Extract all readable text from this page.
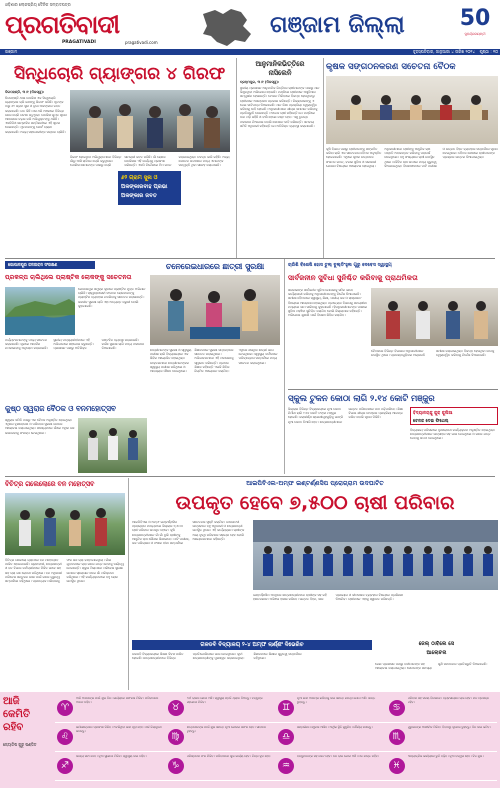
ଓଡ଼ିଶାର ଲୋକପ୍ରିୟ ଦୈନିକ ସମ୍ବାଦପତ୍ର
ପ୍ରଗତିବାଦୀ
PRAGATIVADI	pragativadi.com
ଗଞ୍ଜାମ ଜିଲ୍ଲା	50
ସୁବର୍ଣ୍ଣଜୟନ୍ତୀ
ଗଞ୍ଜାମ	ବୃହସ୍ପତିବାର, ଜାନୁଆରୀ ୪ ତାରିଖ ୨୦୨୪	ପୃଷ୍ଠା : ୧୦
ସିନ୍ଧିଚୋରି ଗ୍ୟାଙ୍ଗର ୪ ଗିରଫ
ଦିଗପହଣ୍ଡି, ୩।୧ (ନିଜସ୍ୱ):
ଦିଗପହଣ୍ଡି ଥାନା ପୋଲିସ ଏକ ସିନ୍ଧିଚୋରି ଗ୍ୟାଙ୍ଗର ଚାରି ଜଣଙ୍କୁ ଗିରଫ କରିଛି। ଧୃତଙ୍କ ଠାରୁ ୬୨ ଗ୍ରାମ ସୁନା ଓ ରୂପା ଅଳଙ୍କାର ଜବତ କରାଯାଇଛି। ଗତ କିଛି ମାସ ଧରି ଅଞ୍ଚଳରେ ବିଭିନ୍ନ ଘରେ ଚୋରି ଘଟଣା ଘଟୁଥିଲା। ପୋଲିସ ଗୁପ୍ତ ସୂଚନା ଆଧାରରେ ଚଢ଼ଉ କରି ଅଭିଯୁକ୍ତଙ୍କୁ ଧରିଛି। ଏସଡିପିଓ ସାମ୍ବାଦିକ ସମ୍ମିଳନୀରେ ଏହି ସୂଚନା ଦେଇଛନ୍ତି। ଧୃତମାନଙ୍କୁ କୋର୍ଟ ଚାଲାଣ କରାଯାଇଛି। ଅନ୍ୟ ସହଯୋଗୀଙ୍କ ସନ୍ଧାନ ଚାଲିଛି।
ଗିରଫ ହୋଇଥିବା ଅଭିଯୁକ୍ତମାନେ ବିଭିନ୍ନ ଗାଁରୁ ଆସି ରାତିରେ ଚୋରି କରୁଥିଲେ। ପୋଲିସ ସେମାନଙ୍କ ପାଖରୁ ଚୋରି ସାମଗ୍ରୀ ଜବତ କରିଛି। ଗାଁ ଲୋକେ ପୋଲିସର ଏହି କାର୍ଯ୍ୟକୁ ପ୍ରଶଂସା କରିଛନ୍ତି। ଏସପି ନିର୍ଦ୍ଦେଶରେ ଟିମ ଗଠନ କରାଯାଇଥିଲା। ତଦନ୍ତ ଜାରି ରହିଛି। ଅନ୍ୟ କେତେକ ଘଟଣାରେ ମଧ୍ୟ ଏମାନଙ୍କ ସମ୍ପୃକ୍ତି ଥିବା ସନ୍ଦେହ କରାଯାଉଛି।
୬୨ ଗ୍ରାମ ସୁନା ଓ
ଅଳଙ୍କାରବାହ ପ୍ରଭା
ଅଳଙ୍କାର ଜବତ
ଆନୁମାନିକଭିତ୍ତିରେ
ନାସିଲେନି
ବ୍ରହ୍ମପୁର, ୩।୧ (ନିଜସ୍ୱ):
ସ୍ଥାନୀୟ ପ୍ରଶାସନ ଆନୁମାନିକ ଭିତ୍ତିରେ ଚାଷୀମାନଙ୍କ ପାଖରୁ ଧାନ କିଣୁନଥିବା ଅଭିଯୋଗ ହୋଇଛି। ମଣ୍ଡିରେ ଚାଷୀମାନେ ଅସୁବିଧାର ସମ୍ମୁଖୀନ ହେଉଛନ୍ତି। ଟୋକନ ମିଳିବାରେ ବିଳମ୍ବ ହେଉଥିବାରୁ ଚାଷୀମାନେ ଅସନ୍ତୋଷ ପ୍ରକାଶ କରିଛନ୍ତି। ଜିଲ୍ଲାପାଳଙ୍କୁ ଏ ନେଇ ଦାବିପତ୍ର ଦିଆଯାଇଛି। ଧାନ କିଣା ପ୍ରକ୍ରିୟା ତ୍ୱରାନ୍ୱିତ କରିବାକୁ ଦାବି ହୋଇଛି। ଅଧିକାରୀମାନେ ଶୀଘ୍ର ସମାଧାନ କରିବାକୁ ପ୍ରତିଶ୍ରୁତି ଦେଇଛନ୍ତି। ଅନେକ ଚାଷୀ କହିଛନ୍ତି ଯେ ମଣ୍ଡିରେ ଧାନ ପଡ଼ି ରହିଛି ଓ ବର୍ଷା ହେଲେ ନଷ୍ଟ ହେବ। ଏଣୁ ତୁରନ୍ତ ପଦକ୍ଷେପ ନିଆଯାଉ ବୋଲି ସେମାନେ ଦାବି କରିଛନ୍ତି। ସମବାୟ ସମିତି ଅଧିକାରୀ କହିଛନ୍ତି ଯେ ଅତିରିକ୍ତ ବ୍ୟବସ୍ଥା କରାଯାଉଛି।
କୃଷକ ସଙ୍ଗଠନକରଣ ସଚେତନା ବୈଠକ
କୃଷି ବିଭାଗ ପକ୍ଷରୁ ଚାଷୀମାନଙ୍କୁ ସଙ୍ଗଠିତ କରିବା ଲାଗି ଏକ ସଚେତନତା ବୈଠକ ଅନୁଷ୍ଠିତ ହୋଇଯାଇଛି। ଏଥିରେ କୃଷକ ଉତ୍ପାଦକ ସଂଗଠନ ଗଠନ, ବଜାର ସୁବିଧା ଓ ସରକାରୀ ଯୋଜନା ବିଷୟରେ ଆଲୋଚନା ହୋଇଥିଲା। ଅଧିକାରୀମାନେ ଚାଷୀଙ୍କୁ ଆଧୁନିକ ଚାଷ ପଦ୍ଧତି ଅବଲମ୍ବନ କରିବାକୁ ପରାମର୍ଶ ଦେଇଥିଲେ। ବହୁ ସଂଖ୍ୟାରେ ଚାଷୀ ଉପସ୍ଥିତ ଥିଲେ। ଜୈବିକ ଚାଷ ଉପରେ ମଧ୍ୟ ଗୁରୁତ୍ୱ ଦିଆଯାଇଥିଲା। ବିଶେଷଜ୍ଞମାନେ ମାଟି ପରୀକ୍ଷା ଓ ଉନ୍ନତ ବିହନ ବ୍ୟବହାର ସମ୍ପର୍କରେ ସୂଚନା ଦେଇଥିଲେ। ବୈଠକ ଶେଷରେ ଚାଷୀମାନଙ୍କ ପ୍ରଶ୍ନର ଉତ୍ତର ଦିଆଯାଇଥିଲା।
ଚନେରେଇଧାରରେ ଛାତ୍ରୀ ସୁରକ୍ଷା
ଛାତ୍ରୀମାନଙ୍କ ସୁରକ୍ଷା ଓ ସ୍ୱାସ୍ଥ୍ୟ ପରୀକ୍ଷା ଲାଗି ବିଦ୍ୟାଳୟରେ ଏକ ଶିବିର ଆୟୋଜିତ ହୋଇଥିଲା। ଡାକ୍ତରମାନେ ଛାତ୍ରୀମାନଙ୍କର ସ୍ୱାସ୍ଥ୍ୟ ପରୀକ୍ଷା କରିଥିଲେ ଓ ଆବଶ୍ୟକ ଔଷଧ ଦେଇଥିଲେ। ଶିକ୍ଷକମାନେ ସୁରକ୍ଷା ସମ୍ବନ୍ଧରେ ସଚେତନ କରାଇଥିଲେ। ଅଭିଭାବକମାନେ ଏହି ପଦକ୍ଷେପକୁ ସ୍ୱାଗତ କରିଛନ୍ତି। ପ୍ରଧାନ ଶିକ୍ଷକ କହିଛନ୍ତି ଏଭଳି ଶିବିର ନିୟମିତ ଆୟୋଜନ କରାଯିବ। ଏଥିରେ ଶତାଧିକ ଛାତ୍ରୀ ଭାଗ ନେଇଥିଲେ। ସ୍ୱାସ୍ଥ୍ୟ କର୍ମୀମାନେ ପରିଚ୍ଛନ୍ନତା ସମ୍ପର୍କରେ ମଧ୍ୟ ସଚେତନ କରାଇଥିଲେ।
ଗୋପାଳପୁର ଜଳଜୀବନ ସଂରକ୍ଷଣ
ପ୍ରକଳ୍ପ ଚାଲିଥିଲେ ପ୍ଲାଷ୍ଟିକ ଲୋକଙ୍କୁ ସଚେତନତା
ଗୋପାଳପୁର ସମୁଦ୍ର କୂଳରେ ପ୍ଲାଷ୍ଟିକ ମୁକ୍ତ ଅଭିଯାନ ଚାଲିଛି। ସ୍ୱେଚ୍ଛାସେବୀ ସଂଗଠନ ଲୋକମାନଙ୍କୁ ପ୍ଲାଷ୍ଟିକ ବ୍ୟବହାର ନକରିବାକୁ ସଚେତନ କରାଉଛନ୍ତି। ଜଳଜୀବ ସୁରକ୍ଷା ଲାଗି ଏହା ଅତ୍ୟନ୍ତ ଜରୁରୀ ବୋଲି କୁହାଯାଇଛି।
ପର୍ଯ୍ୟଟକମାନଙ୍କୁ ମଧ୍ୟ ସଚେତନ କରାଯାଉଛି। କୂଳରେ ଆବର୍ଜନା ନପକାଇବାକୁ ଅନୁରୋଧ କରାଯାଇଛି। ସ୍ଥାନୀୟ ମତ୍ସ୍ୟଜୀବୀମାନେ ଏହି ଅଭିଯାନରେ ସହଯୋଗ କରୁଛନ୍ତି। ପ୍ରଶାସନ ପକ୍ଷରୁ ଅତିରିକ୍ତ ଡଷ୍ଟବିନ ବ୍ୟବସ୍ଥା କରାଯାଇଛି। କଇଁଛ ସୁରକ୍ଷା ଲାଗି ମଧ୍ୟ ପଦକ୍ଷେପ ନିଆଯାଇଛି।
କୁଷ୍ଠ ସ୍ୱରାଜ ବୈଠକ ଓ ବନମହୋତ୍ସବ
ସ୍ୱରାଜ ସମିତି ପକ୍ଷରୁ ଏକ ବୈଠକ ଅନୁଷ୍ଠିତ ହୋଇଥିଲା। ଏଥିରେ ବୃକ୍ଷରୋପଣ ଓ ପରିବେଶ ସୁରକ୍ଷା ଉପରେ ଆଲୋଚନା କରାଯାଇଥିଲା। ସଦସ୍ୟମାନେ ଗାଁରେ ଅଧିକ ଗଛ ଲଗାଇବାକୁ ସଂକଳ୍ପ ନେଇଥିଲେ।
ଚାରିଶି ବିଶେଷି ହୋସ ଚୁଲ୍ ବୁଲ୍ଡିଂହୁଲ ଗୁରୁ ଦେବେସ ସ୍ୱାସ୍ଥ୍ୟ
ସାର୍ବଜନୀନ ସୁବିଧା ସୁନିଶ୍ଚିତ କରିବାକୁ ପ୍ରାଥମିକତା
ସରକାରଙ୍କ ସାର୍ବଜନୀନ ସୁବିଧା ଯୋଜନାକୁ ସଠିକ ଭାବେ କାର୍ଯ୍ୟକାରୀ କରିବାକୁ ଅଧିକାରୀମାନଙ୍କୁ ନିର୍ଦ୍ଦେଶ ଦିଆଯାଇଛି। ସମୀକ୍ଷା ବୈଠକରେ ସ୍ୱାସ୍ଥ୍ୟ, ଶିକ୍ଷା, ପାନୀୟ ଜଳ ଓ ରାସ୍ତାଘାଟ ବିଷୟରେ ଆଲୋଚନା ହୋଇଥିଲା। ପ୍ରତ୍ୟେକ ବିଭାଗକୁ ସମୟସୀମା ମଧ୍ୟରେ କାମ ସାରିବାକୁ କୁହାଯାଇଛି। ହିତାଧିକାରୀମାନଙ୍କ ପାଖରେ ସୁବିଧା ପହଞ୍ଚିବା ସୁନିଶ୍ଚିତ କରାଯିବ ବୋଲି ଜିଲ୍ଲାପାଳ କହିଛନ୍ତି। ଅଭିଯୋଗ ଶୁଣାଣି ପାଇଁ ବିଶେଷ ଶିବିର କରାଯିବ।
ବୈଠକରେ ବିଭିନ୍ନ ବିଭାଗର ଅଧିକାରୀମାନେ ଉପସ୍ଥିତ ଥିଲେ। ପ୍ରକଳ୍ପଗୁଡ଼ିକର ଅଗ୍ରଗତି ସମୀକ୍ଷା କରାଯାଇଥିଲା। ବିଳମ୍ବ ହେଉଥିବା କାମକୁ ତ୍ୱରାନ୍ୱିତ କରିବାକୁ ନିର୍ଦ୍ଦେଶ ଦିଆଯାଇଛି।
ସ୍କୁଲ ଟୁକନ କୋଠା ଲାଗି ୨.୧୪ କୋଟି ମଞ୍ଜୁର
ବିଦ୍ୟାଳୟକୁ କୁକ୍ କୁଲିଆ
ଚେଳକ ଦେଇ ଫିଥେଲ୍
ଜିଲ୍ଲାର ବିଭିନ୍ନ ବିଦ୍ୟାଳୟରେ ନୂଆ କୋଠା ନିର୍ମାଣ ଲାଗି ୨.୧୪ କୋଟି ଟଙ୍କା ମଞ୍ଜୁର ହୋଇଛି। ଜରାଜୀର୍ଣ୍ଣ ଶ୍ରେଣୀଗୃହଗୁଡ଼ିକୁ ଭାଙ୍ଗି ନୂଆ କୋଠା ତିଆରି ହେବ। ଛାତ୍ରଛାତ୍ରୀମାନେ ଉନ୍ନତ ପରିବେଶରେ ପାଠ ପଢ଼ିପାରିବେ। ଶିକ୍ଷା ବିଭାଗ ଶୀଘ୍ର ଟେଣ୍ଡର ପ୍ରକ୍ରିୟା ଆରମ୍ଭ କରିବ ବୋଲି ସୂଚନା ମିଳିଛି।
ବିଦ୍ୟାଳୟ ପରିସରରେ ବୃକ୍ଷରୋପଣ କାର୍ଯ୍ୟକ୍ରମ ଅନୁଷ୍ଠିତ ହୋଇଥିଲା। ଛାତ୍ରଛାତ୍ରୀମାନେ ଉତ୍ସାହର ସହ ଭାଗ ନେଇଥିଲେ ଓ ଗଛର ଯତ୍ନ ନେବାକୁ ଶପଥ ନେଇଥିଲେ।
ବିଚିତ୍ର ଗଲେଲୋରେ ବନ ମହୋତ୍ସବ
ବିଚିତ୍ର ଗଲେଲୋ ଗ୍ରାମରେ ବନ ମହୋତ୍ସବ ପାଳିତ ହୋଇଯାଇଛି। ଗ୍ରାମବାସୀ, ଛାତ୍ରଛାତ୍ରୀ ଓ ବନ ବିଭାଗ କର୍ମଚାରୀମାନେ ମିଳିତ ଭାବେ ଶହ ଶହ ଚାରା ଗଛ ରୋପଣ କରିଥିଲେ। ବନ ଅଧିକାରୀ ପରିବେଶ ସନ୍ତୁଳନ ରକ୍ଷା ପାଇଁ ଗଛର ଗୁରୁତ୍ୱ ସମ୍ପର୍କରେ କହିଥିଲେ। ପ୍ରତ୍ୟେକ ପରିବାରକୁ ଫଳ ଗଛ ଚାରା ବଣ୍ଟାଯାଇଥିଲା। ଗାଁର ଯୁବକମାନେ ଚାରା ଗଛର ଯତ୍ନ ନେବାକୁ ଦାୟିତ୍ୱ ନେଇଛନ୍ତି। ସ୍କୁଲ ପିଲାମାନେ ପରିବେଶ ସୁରକ୍ଷା ଉପରେ ସ୍ଲୋଗାନ ଦେଇ ଗାଁ ପରିକ୍ରମା କରିଥିଲେ। ଏହି କାର୍ଯ୍ୟକ୍ରମରେ ବହୁ ଲୋକ ଉପସ୍ଥିତ ଥିଲେ।
ଆଇପିବିଏଲ-ଅମ୍ଫ ଇଣ୍ଟର୍ଣ୍ଣସିପ ପ୍ରୋଗ୍ରାମ ଉଦଘାଟିତ
ଉପକୃତ ହେବେ ୭,୫୦୦ ଚାଷୀ ପରିବାର
ଆଇପିବିଏଲ ଓ ଅମ୍ଫ ଇଣ୍ଟର୍ଣ୍ଣସିପ ପ୍ରୋଗ୍ରାମ ମାଧ୍ୟମରେ ଜିଲ୍ଲାର ୭,୫୦୦ ଚାଷୀ ପରିବାର ଉପକୃତ ହେବେ। କୃଷି ଛାତ୍ରଛାତ୍ରୀମାନେ ଗାଁ ଗାଁ ବୁଲି ଚାଷୀଙ୍କୁ ଆଧୁନିକ ଚାଷ କୌଶଳ ଶିଖାଇବେ। ମାଟି ପରୀକ୍ଷା, ଜଳ ପରିଚାଳନା ଓ ଫସଲ ବୀମା ସମ୍ପର୍କରେ ସଚେତନତା ସୃଷ୍ଟି କରାଯିବ। ଉଦଘାଟନୀ ଉତ୍ସବରେ ବହୁ ଅଧିକାରୀ ଓ ଛାତ୍ରଛାତ୍ରୀ ଉପସ୍ଥିତ ଥିଲେ। ଏହି କାର୍ଯ୍ୟକ୍ରମ ଚାଷୀଙ୍କ ଆୟ ବୃଦ୍ଧି କରିବାରେ ସହାୟକ ହେବ ବୋଲି ଆୟୋଜକମାନେ କହିଛନ୍ତି।
ଇଣ୍ଟର୍ଣ୍ଣସିପ ଅବଧିରେ ଛାତ୍ରଛାତ୍ରୀମାନେ ଚାଷୀଙ୍କ ସହ ରହି ହାତେକଲମେ ଅଭିଜ୍ଞତା ହାସଲ କରିବେ। ଉନ୍ନତ ବିହନ, ସାର ପ୍ରୟୋଗ ଓ କୀଟନାଶକ ବ୍ୟବହାର ବିଷୟରେ ପ୍ରଶିକ୍ଷଣ ଦିଆଯିବ। ଚାଷୀମାନେ ଏହାକୁ ସ୍ୱାଗତ କରିଛନ୍ତି।
ଗଳଡବି ବିଦ୍ୟାଳୟ ୨-୪ ଅମ୍ଫ ଲାର୍ଣ୍ଣଂ ଦିଭେରିଚ
ଗଳଡବି ବିଦ୍ୟାଳୟରେ ଶିକ୍ଷଣ ଦିବସ ପାଳିତ ହୋଇଛି। ଛାତ୍ରଛାତ୍ରୀମାନେ ବିଭିନ୍ନ ପ୍ରତିଯୋଗିତାରେ ଭାଗ ନେଇଥିଲେ। କୃତୀ ଛାତ୍ରଛାତ୍ରୀଙ୍କୁ ପୁରସ୍କୃତ କରାଯାଇଥିଲା। ଶିକ୍ଷକମାନେ ଶିକ୍ଷାର ଗୁରୁତ୍ୱ ସମ୍ପର୍କରେ କହିଥିଲେ।
ଜେଲ୍ ଠାବିଲେ ସେ
ଆଲୋଚନା
ଜେଲ ପ୍ରଶାସନ ପକ୍ଷରୁ ବନ୍ଦୀମାନଙ୍କ ସହ ଆଲୋଚନା କରାଯାଇଥିଲା। ସେମାନଙ୍କ ସମସ୍ୟା ଶୁଣି ସମାଧାନର ପ୍ରତିଶ୍ରୁତି ଦିଆଯାଇଛି।
ଆଜି
କେମିତି
ରହିବ
ଜ୍ୟୋତିଷ ଗୁରୁ ପଣ୍ଡିତ
♈
ଆଜି ଆପଣଙ୍କ ପାଇଁ ଶୁଭ ଦିନ। କାର୍ଯ୍ୟରେ ସଫଳତା ମିଳିବ। ପରିବାରରେ ଆନନ୍ଦ ରହିବ।
♉
ଅର୍ଥ ଲାଭର ଯୋଗ ଅଛି। ସ୍ୱାସ୍ଥ୍ୟ ପ୍ରତି ଧ୍ୟାନ ଦିଅନ୍ତୁ। ବନ୍ଧୁଙ୍କ ସହଯୋଗ ମିଳିବ।
♊
ନୂଆ କାମ ଆରମ୍ଭ କରିବାକୁ ଭଲ ସମୟ। ଯାତ୍ରା ଯୋଗ ଅଛି। ଶାନ୍ତ ରୁହନ୍ତୁ।
♋
ପରିବାର ସହ ସମୟ ବିତାଇବେ। ବ୍ୟବସାୟରେ ଲାଭ ହେବ। ମନ ପ୍ରସନ୍ନ ରହିବ।
♌
କର୍ମକ୍ଷେତ୍ରରେ ପ୍ରଶଂସା ମିଳିବ। ଅଟକିଥିବା କାମ ପୂରା ହେବ। ଖର୍ଚ୍ଚ ନିୟନ୍ତ୍ରଣ କରନ୍ତୁ।
♍
ଛାତ୍ରମାନଙ୍କ ପାଇଁ ଶୁଭ ସମୟ। ନୂଆ ଯୋଜନା ସଫଳ ହେବ। ସାବଧାନ ରୁହନ୍ତୁ।
♎
ସମ୍ପର୍କରେ ମଧୁରତା ଆସିବ। ଆର୍ଥିକ ସ୍ଥିତି ସୁଧୁରିବ। ଧୈର୍ଯ୍ୟ ରଖନ୍ତୁ।
♏
ଗୁରୁଜନଙ୍କ ଆଶୀର୍ବାଦ ମିଳିବ। ବିବାଦରୁ ଦୂରେଇ ରୁହନ୍ତୁ। ଦିନ ଭଲ କଟିବ।
♐
ଭାଗ୍ୟ ସାଥ ଦେବ। ନୂଆ ସୁଯୋଗ ମିଳିବ। ସ୍ୱାସ୍ଥ୍ୟ ଭଲ ରହିବ।
♑
ପରିଶ୍ରମର ଫଳ ମିଳିବ। ପରିବାରରେ ଶୁଭ କାର୍ଯ୍ୟ ହେବ। ଚିନ୍ତା ଦୂର ହେବ।
♒
ବନ୍ଧୁମାନଙ୍କ ସହ ଭେଟ ହେବ। ଧନ ଲାଭ ଯୋଗ ଅଛି। ମନ ଶାନ୍ତ ରହିବ।
♓
ଆଧ୍ୟାତ୍ମିକ କାର୍ଯ୍ୟରେ ରୁଚି ବଢ଼ିବ। ନୂଆ ବନ୍ଧୁତା ହେବ। ଦିନ ଶୁଭ।
